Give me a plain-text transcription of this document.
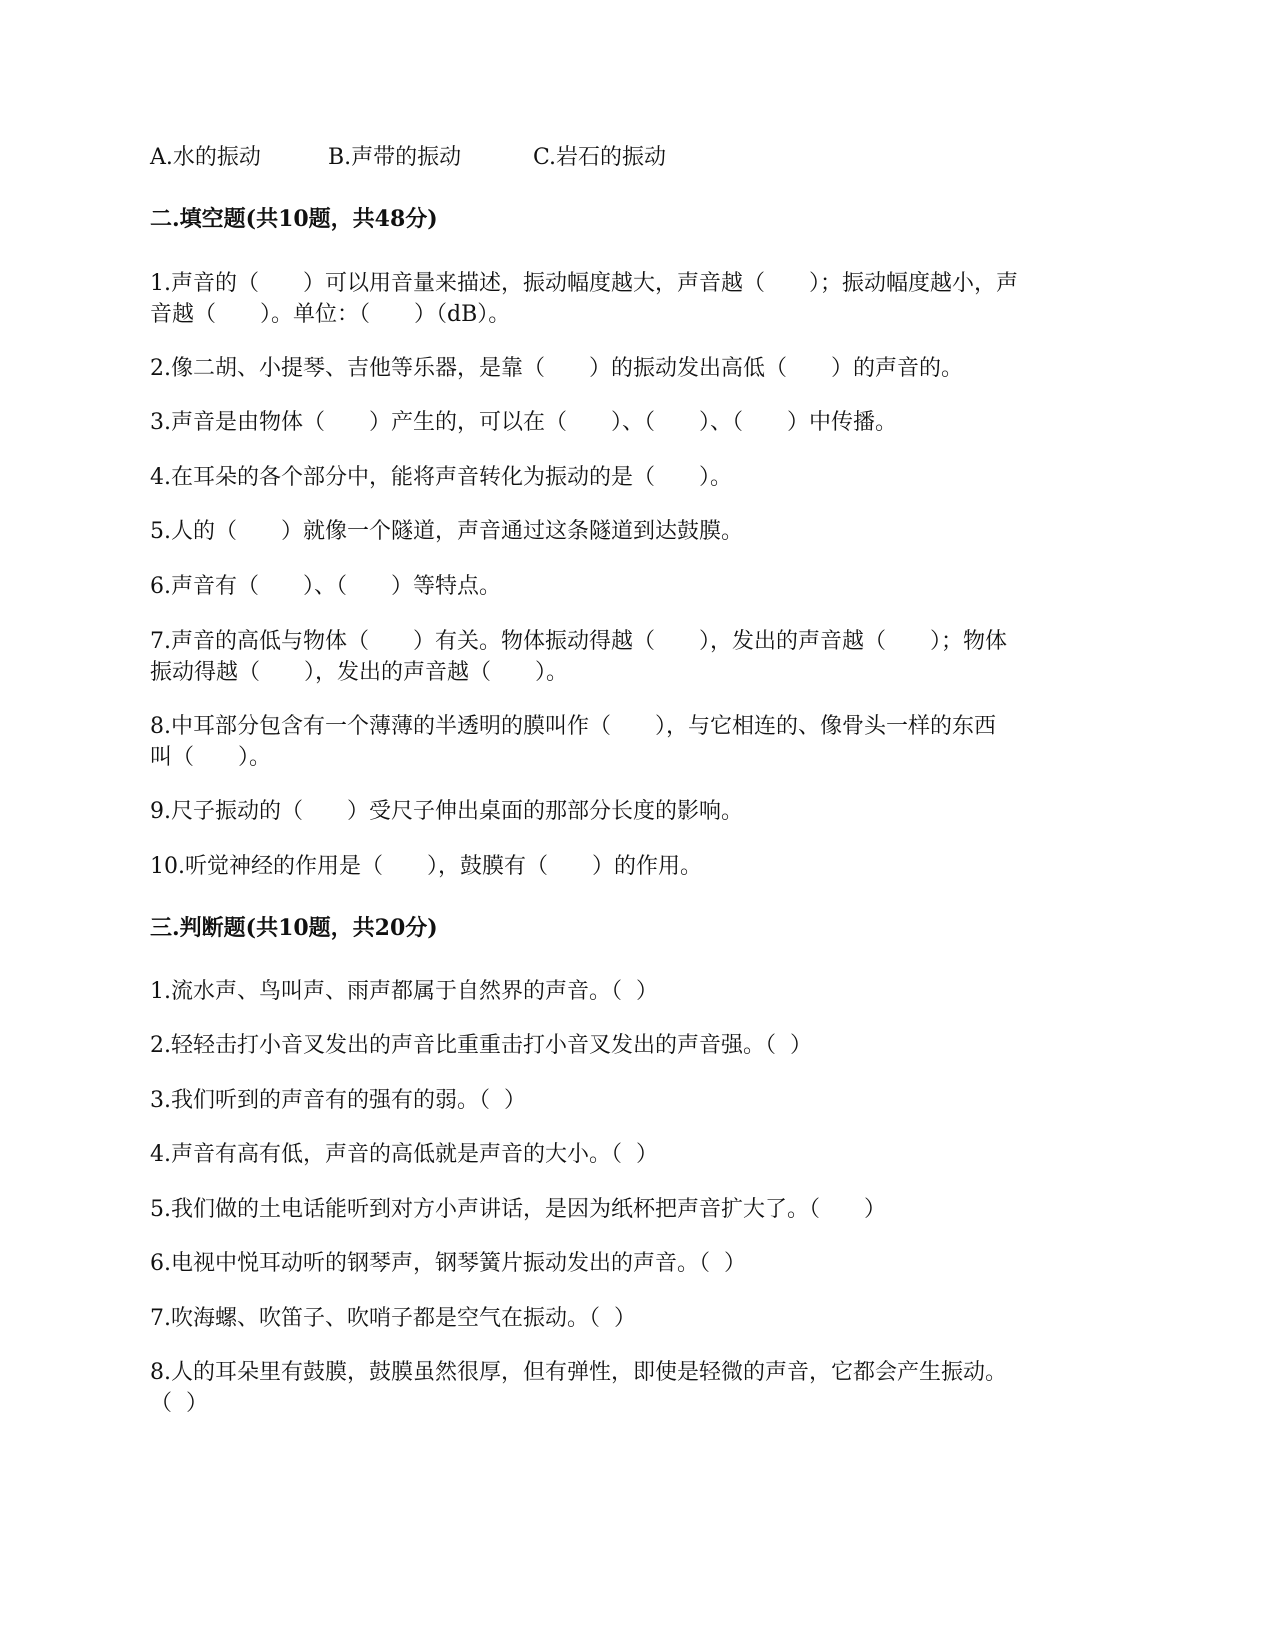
A.水的振动	B.声带的振动	C.岩石的振动
二.填空题(共10题，共48分)
1.声音的（　　）可以用音量来描述，振动幅度越大，声音越（　　）；振动幅度越小，声
音越（　　）。单位：（　　）（dB）。
2.像二胡、小提琴、吉他等乐器，是靠（　　）的振动发出高低（　　）的声音的。
3.声音是由物体（　　）产生的，可以在（　　）、（　　）、（　　）中传播。
4.在耳朵的各个部分中，能将声音转化为振动的是（　　）。
5.人的（　　）就像一个隧道，声音通过这条隧道到达鼓膜。
6.声音有（　　）、（　　）等特点。
7.声音的高低与物体（　　）有关。物体振动得越（　　），发出的声音越（　　）；物体
振动得越（　　），发出的声音越（　　）。
8.中耳部分包含有一个薄薄的半透明的膜叫作（　　），与它相连的、像骨头一样的东西
叫（　　）。
9.尺子振动的（　　）受尺子伸出桌面的那部分长度的影响。
10.听觉神经的作用是（　　），鼓膜有（　　）的作用。
三.判断题(共10题，共20分)
1.流水声、鸟叫声、雨声都属于自然界的声音。（  ）
2.轻轻击打小音叉发出的声音比重重击打小音叉发出的声音强。（  ）
3.我们听到的声音有的强有的弱。（  ）
4.声音有高有低，声音的高低就是声音的大小。（  ）
5.我们做的土电话能听到对方小声讲话，是因为纸杯把声音扩大了。（　　）
6.电视中悦耳动听的钢琴声，钢琴簧片振动发出的声音。（  ）
7.吹海螺、吹笛子、吹哨子都是空气在振动。（  ）
8.人的耳朵里有鼓膜，鼓膜虽然很厚，但有弹性，即使是轻微的声音，它都会产生振动。
（  ）
